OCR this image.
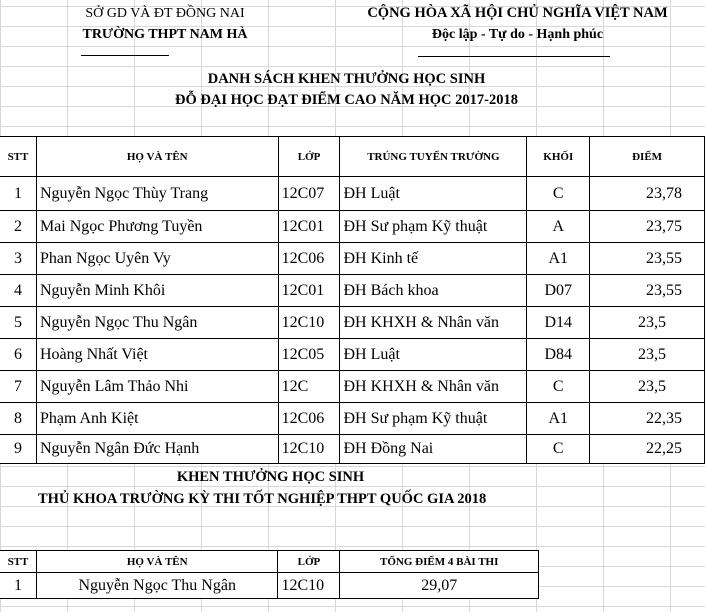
SỞ GD VÀ ĐT ĐỒNG NAI
TRƯỜNG THPT NAM HÀ
CỘNG HÒA XÃ HỘI CHỦ NGHĨA VIỆT NAM
Độc lập - Tự do - Hạnh phúc
DANH SÁCH KHEN THƯỞNG HỌC SINH
ĐỖ ĐẠI HỌC ĐẠT ĐIỂM CAO NĂM HỌC 2017-2018
STT	HỌ VÀ TÊN	LỚP	TRÚNG TUYỂN TRƯỜNG	KHỐI	ĐIỂM
1	Nguyễn Ngọc Thùy Trang	12C07	ĐH Luật	C	23,78
2	Mai Ngọc Phương Tuyền	12C01	ĐH Sư phạm Kỹ thuật	A	23,75
3	Phan Ngọc Uyên Vy	12C06	ĐH Kinh tế	A1	23,55
4	Nguyễn Minh Khôi	12C01	ĐH Bách khoa	D07	23,55
5	Nguyễn Ngọc Thu Ngân	12C10	ĐH KHXH & Nhân văn	D14	23,5
6	Hoàng Nhất Việt	12C05	ĐH Luật	D84	23,5
7	Nguyễn Lâm Thảo Nhi	12C	ĐH KHXH & Nhân văn	C	23,5
8	Phạm Anh Kiệt	12C06	ĐH Sư phạm Kỹ thuật	A1	22,35
9	Nguyễn Ngân Đức Hạnh	12C10	ĐH Đồng Nai	C	22,25
KHEN THƯỞNG HỌC SINH
THỦ KHOA TRƯỜNG KỲ THI TỐT NGHIỆP THPT QUỐC GIA 2018
STT	HỌ VÀ TÊN	LỚP	TỔNG ĐIỂM 4 BÀI THI
1	Nguyễn Ngọc Thu Ngân	12C10	29,07
